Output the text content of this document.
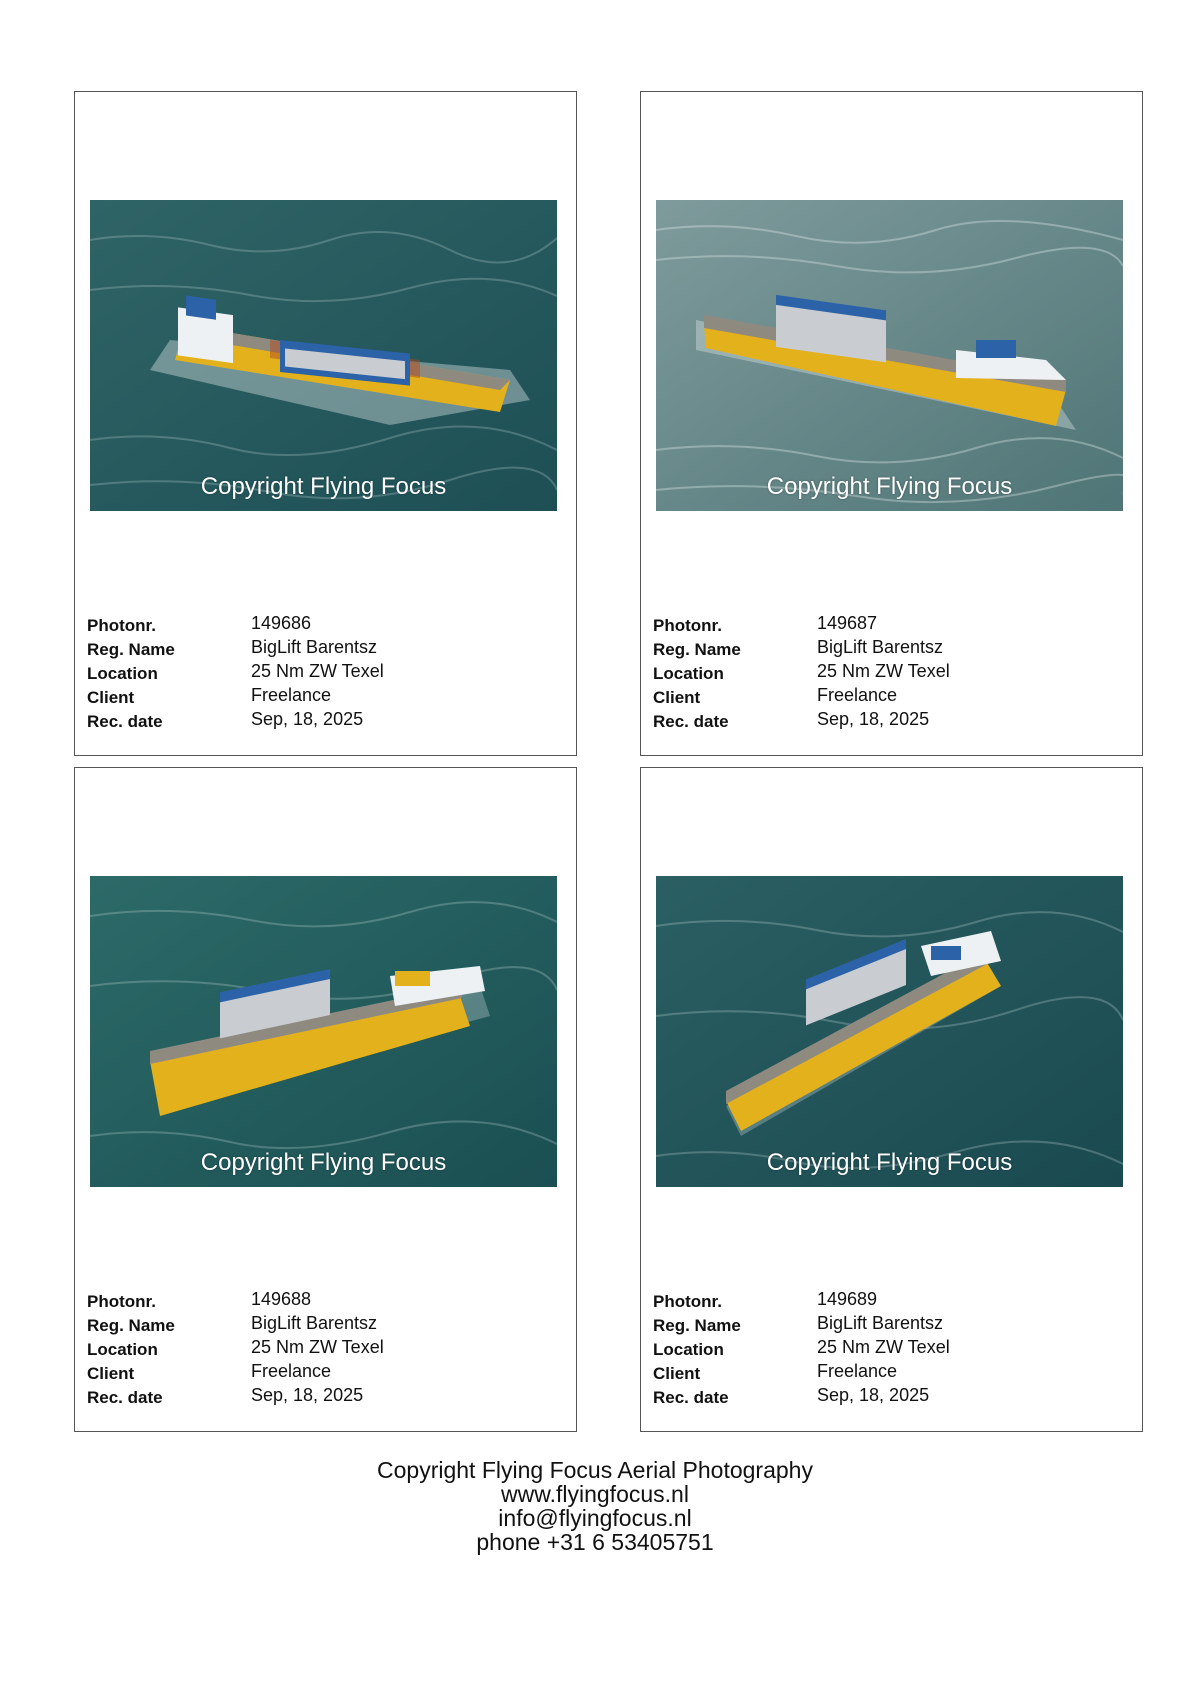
Copyright Flying Focus
Photonr.	149686
Reg. Name	BigLift Barentsz
Location	25 Nm ZW Texel
Client	Freelance
Rec. date	Sep, 18, 2025
Copyright Flying Focus
Photonr.	149687
Reg. Name	BigLift Barentsz
Location	25 Nm ZW Texel
Client	Freelance
Rec. date	Sep, 18, 2025
Copyright Flying Focus
Photonr.	149688
Reg. Name	BigLift Barentsz
Location	25 Nm ZW Texel
Client	Freelance
Rec. date	Sep, 18, 2025
Copyright Flying Focus
Photonr.	149689
Reg. Name	BigLift Barentsz
Location	25 Nm ZW Texel
Client	Freelance
Rec. date	Sep, 18, 2025
Copyright Flying Focus Aerial Photography
www.flyingfocus.nl
info@flyingfocus.nl
phone +31 6 53405751
